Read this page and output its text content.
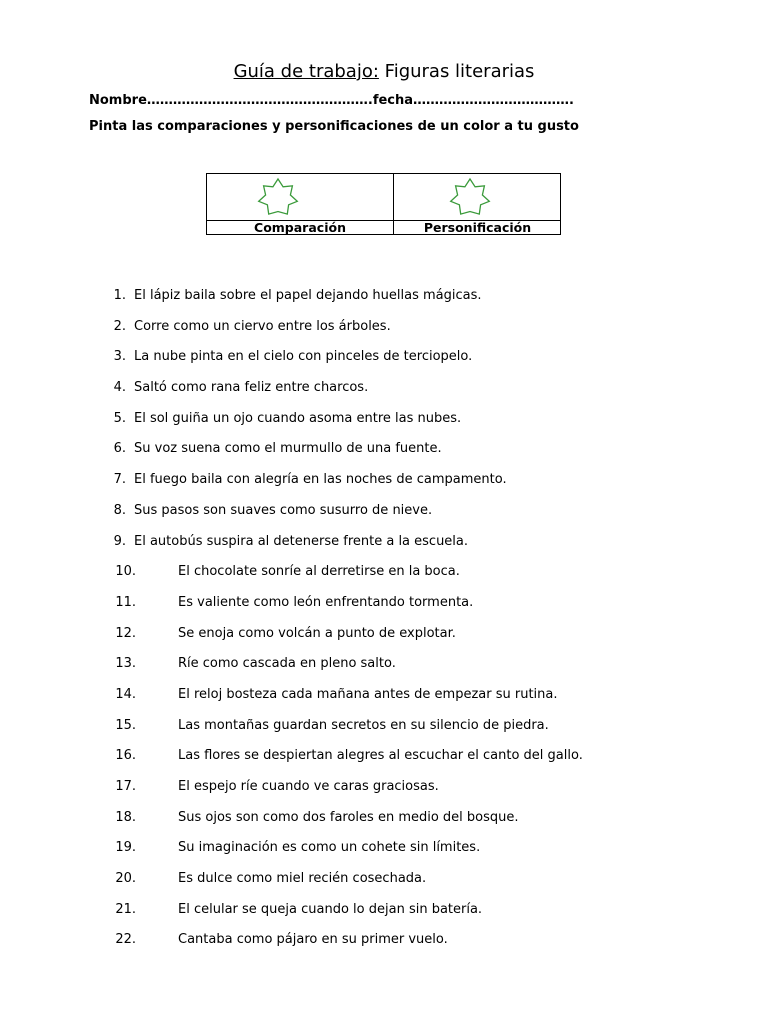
Guía de trabajo: Figuras literarias
Nombre…………………………………………….fecha……………………………….
Pinta las comparaciones y personificaciones de un color a tu gusto
Comparación	Personificación
1. El lápiz baila sobre el papel dejando huellas mágicas.
2. Corre como un ciervo entre los árboles.
3. La nube pinta en el cielo con pinceles de terciopelo.
4. Saltó como rana feliz entre charcos.
5. El sol guiña un ojo cuando asoma entre las nubes.
6. Su voz suena como el murmullo de una fuente.
7. El fuego baila con alegría en las noches de campamento.
8. Sus pasos son suaves como susurro de nieve.
9. El autobús suspira al detenerse frente a la escuela.
10.	El chocolate sonríe al derretirse en la boca.
11.	Es valiente como león enfrentando tormenta.
12.	Se enoja como volcán a punto de explotar.
13.	Ríe como cascada en pleno salto.
14.	El reloj bosteza cada mañana antes de empezar su rutina.
15.	Las montañas guardan secretos en su silencio de piedra.
16.	Las flores se despiertan alegres al escuchar el canto del gallo.
17.	El espejo ríe cuando ve caras graciosas.
18.	Sus ojos son como dos faroles en medio del bosque.
19.	Su imaginación es como un cohete sin límites.
20.	Es dulce como miel recién cosechada.
21.	El celular se queja cuando lo dejan sin batería.
22.	Cantaba como pájaro en su primer vuelo.
